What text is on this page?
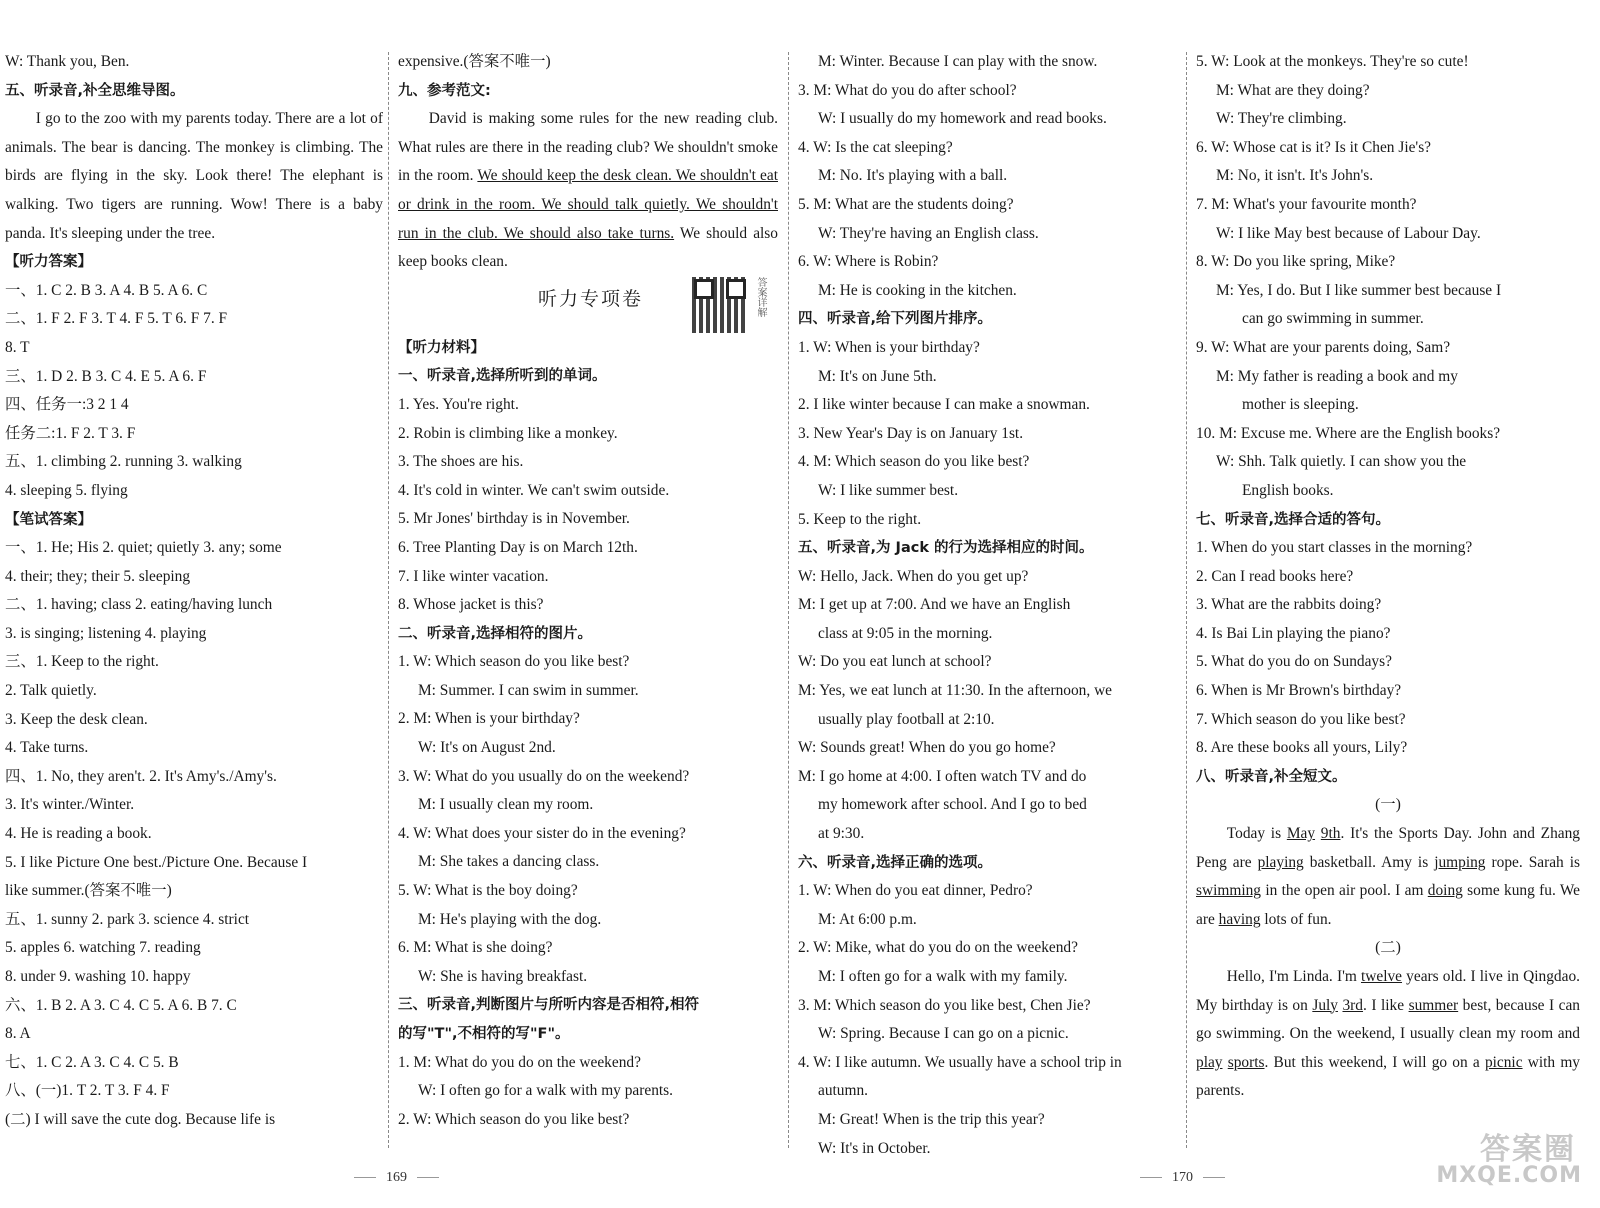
W: Thank you, Ben.
五、听录音,补全思维导图。
I go to the zoo with my parents today. There are a lot of animals. The bear is dancing. The monkey is climbing. The birds are flying in the sky. Look there! The elephant is walking. Two tigers are running. Wow! There is a baby panda. It's sleeping under the tree.
【听力答案】
一、1. C 2. B 3. A 4. B 5. A 6. C
二、1. F 2. F 3. T 4. F 5. T 6. F 7. F
8. T
三、1. D 2. B 3. C 4. E 5. A 6. F
四、任务一:3 2 1 4
任务二:1. F 2. T 3. F
五、1. climbing 2. running 3. walking
4. sleeping 5. flying
【笔试答案】
一、1. He; His 2. quiet; quietly 3. any; some
4. their; they; their 5. sleeping
二、1. having; class 2. eating/having lunch
3. is singing; listening 4. playing
三、1. Keep to the right.
2. Talk quietly.
3. Keep the desk clean.
4. Take turns.
四、1. No, they aren't. 2. It's Amy's./Amy's.
3. It's winter./Winter.
4. He is reading a book.
5. I like Picture One best./Picture One. Because I
like summer.(答案不唯一)
五、1. sunny 2. park 3. science 4. strict
5. apples 6. watching 7. reading
8. under 9. washing 10. happy
六、1. B 2. A 3. C 4. C 5. A 6. B 7. C
8. A
七、1. C 2. A 3. C 4. C 5. B
八、(一)1. T 2. T 3. F 4. F
(二) I will save the cute dog. Because life is
expensive.(答案不唯一)
九、参考范文:
David is making some rules for the new reading club. What rules are there in the reading club? We shouldn't smoke in the room. We should keep the desk clean. We shouldn't eat or drink in the room. We should talk quietly. We shouldn't run in the club. We should also take turns. We should also keep books clean.
听力专项卷	答案详解
【听力材料】
一、听录音,选择所听到的单词。
1. Yes. You're right.
2. Robin is climbing like a monkey.
3. The shoes are his.
4. It's cold in winter. We can't swim outside.
5. Mr Jones' birthday is in November.
6. Tree Planting Day is on March 12th.
7. I like winter vacation.
8. Whose jacket is this?
二、听录音,选择相符的图片。
1. W: Which season do you like best?
M: Summer. I can swim in summer.
2. M: When is your birthday?
W: It's on August 2nd.
3. W: What do you usually do on the weekend?
M: I usually clean my room.
4. W: What does your sister do in the evening?
M: She takes a dancing class.
5. W: What is the boy doing?
M: He's playing with the dog.
6. M: What is she doing?
W: She is having breakfast.
三、听录音,判断图片与所听内容是否相符,相符
的写"T",不相符的写"F"。
1. M: What do you do on the weekend?
W: I often go for a walk with my parents.
2. W: Which season do you like best?
M: Winter. Because I can play with the snow.
3. M: What do you do after school?
W: I usually do my homework and read books.
4. W: Is the cat sleeping?
M: No. It's playing with a ball.
5. M: What are the students doing?
W: They're having an English class.
6. W: Where is Robin?
M: He is cooking in the kitchen.
四、听录音,给下列图片排序。
1. W: When is your birthday?
M: It's on June 5th.
2. I like winter because I can make a snowman.
3. New Year's Day is on January 1st.
4. M: Which season do you like best?
W: I like summer best.
5. Keep to the right.
五、听录音,为 Jack 的行为选择相应的时间。
W: Hello, Jack. When do you get up?
M: I get up at 7:00. And we have an English
class at 9:05 in the morning.
W: Do you eat lunch at school?
M: Yes, we eat lunch at 11:30. In the afternoon, we
usually play football at 2:10.
W: Sounds great! When do you go home?
M: I go home at 4:00. I often watch TV and do
my homework after school. And I go to bed
at 9:30.
六、听录音,选择正确的选项。
1. W: When do you eat dinner, Pedro?
M: At 6:00 p.m.
2. W: Mike, what do you do on the weekend?
M: I often go for a walk with my family.
3. M: Which season do you like best, Chen Jie?
W: Spring. Because I can go on a picnic.
4. W: I like autumn. We usually have a school trip in
autumn.
M: Great! When is the trip this year?
W: It's in October.
5. W: Look at the monkeys. They're so cute!
M: What are they doing?
W: They're climbing.
6. W: Whose cat is it? Is it Chen Jie's?
M: No, it isn't. It's John's.
7. M: What's your favourite month?
W: I like May best because of Labour Day.
8. W: Do you like spring, Mike?
M: Yes, I do. But I like summer best because I
can go swimming in summer.
9. W: What are your parents doing, Sam?
M: My father is reading a book and my
mother is sleeping.
10. M: Excuse me. Where are the English books?
W: Shh. Talk quietly. I can show you the
English books.
七、听录音,选择合适的答句。
1. When do you start classes in the morning?
2. Can I read books here?
3. What are the rabbits doing?
4. Is Bai Lin playing the piano?
5. What do you do on Sundays?
6. When is Mr Brown's birthday?
7. Which season do you like best?
8. Are these books all yours, Lily?
八、听录音,补全短文。
(一)
Today is May 9th. It's the Sports Day. John and Zhang Peng are playing basketball. Amy is jumping rope. Sarah is swimming in the open air pool. I am doing some kung fu. We are having lots of fun.
(二)
Hello, I'm Linda. I'm twelve years old. I live in Qingdao. My birthday is on July 3rd. I like summer best, because I can go swimming. On the weekend, I usually clean my room and play sports. But this weekend, I will go on a picnic with my parents.
169	170
答案圈
MXQE.COM
